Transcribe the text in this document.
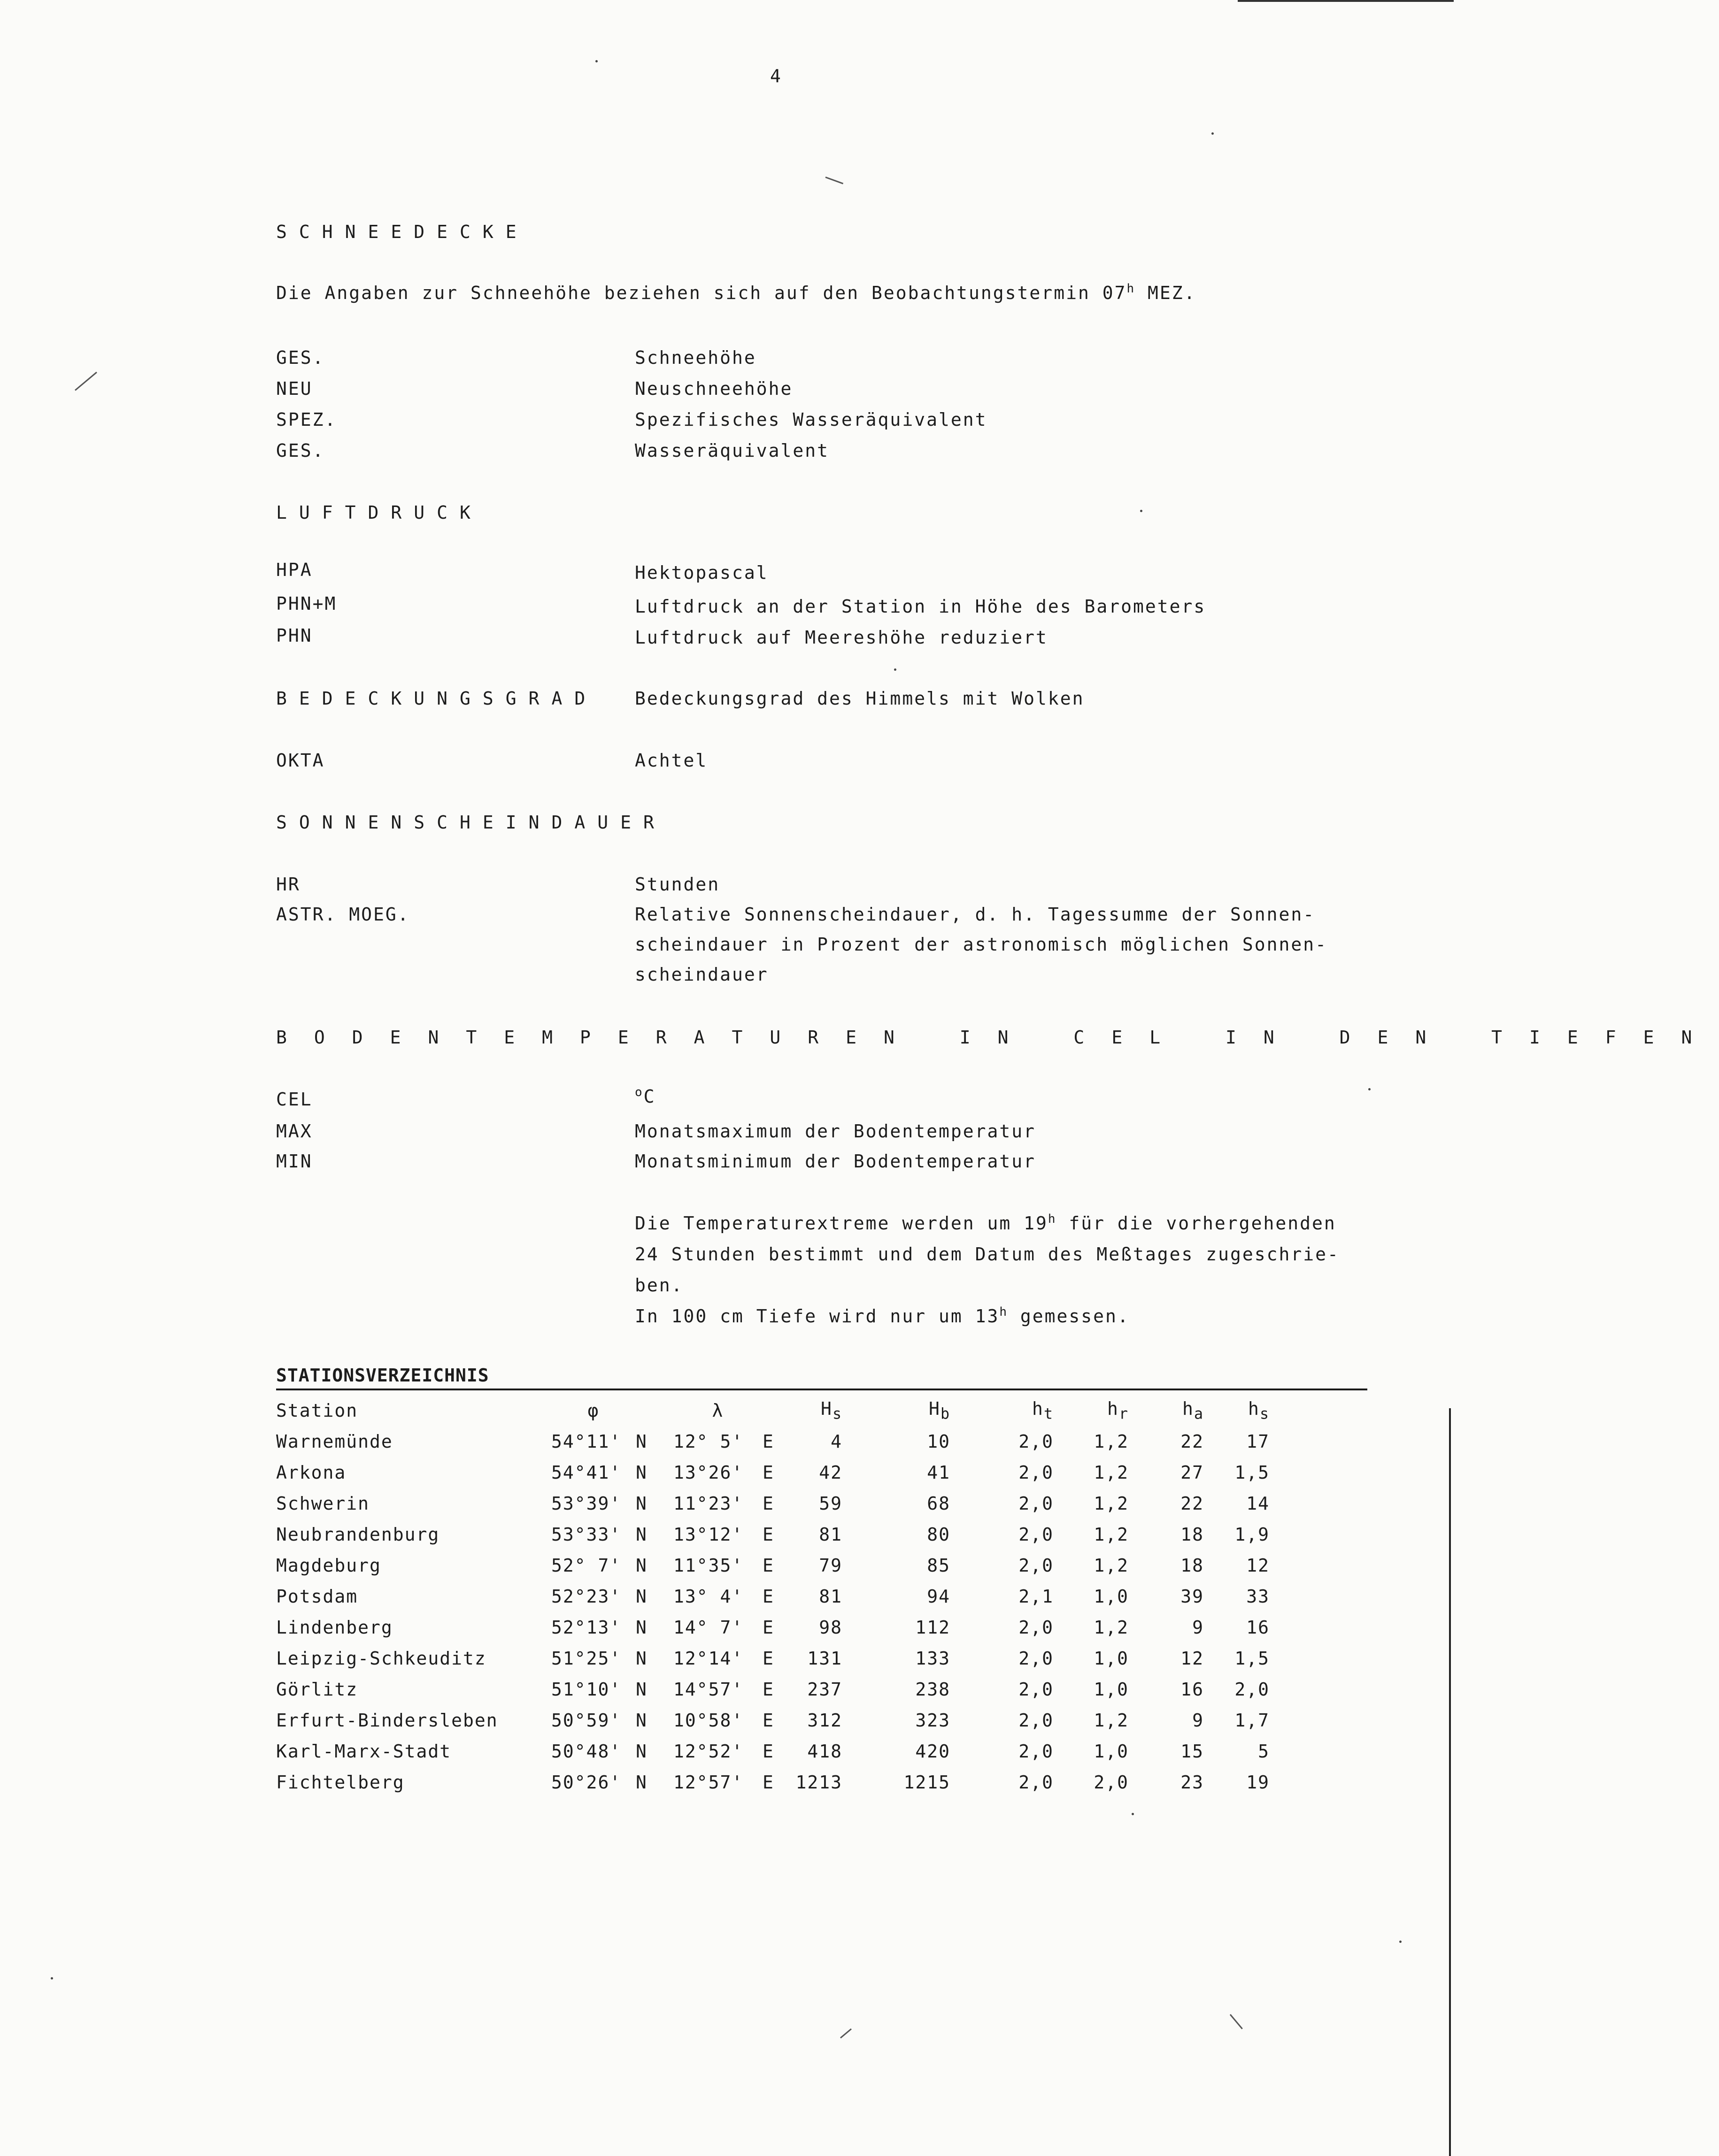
4
SCHNEEDECKE
Die Angaben zur Schneehöhe beziehen sich auf den Beobachtungstermin 07$^h$ MEZ.
GES.	Schneehöhe
NEU	Neuschneehöhe
SPEZ.	Spezifisches Wasseräquivalent
GES.	Wasseräquivalent
LUFTDRUCK
HPA	Hektopascal
PHN+M	Luftdruck an der Station in Höhe des Barometers
PHN	Luftdruck auf Meereshöhe reduziert
BEDECKUNGSGRAD Bedeckungsgrad des Himmels mit Wolken
OKTA	Achtel
SONNENSCHEINDAUER
HR	Stunden
ASTR. MOEG.	Relative Sonnenscheindauer, d. h. Tagessumme der Sonnen-
scheindauer in Prozent der astronomisch möglichen Sonnen-
scheindauer
BODENTEMPERATUREN IN CEL IN DEN TIEFEN
CEL	$^o$C
MAX	Monatsmaximum der Bodentemperatur
MIN	Monatsminimum der Bodentemperatur
Die Temperaturextreme werden um 19$^h$ für die vorhergehenden
24 Stunden bestimmt und dem Datum des Meßtages zugeschrie-
ben.
In 100 cm Tiefe wird nur um 13$^h$ gemessen.
STATIONSVERZEICHNIS
Station	φ		λ		$H_s$	$H_b$	$h_t$	$h_r$	$h_a$	$h_s$
Warnemünde	54°11'	N	12° 5'	E	4	10	2,0	1,2	22	17
Arkona	54°41'	N	13°26'	E	42	41	2,0	1,2	27	1,5
Schwerin	53°39'	N	11°23'	E	59	68	2,0	1,2	22	14
Neubrandenburg	53°33'	N	13°12'	E	81	80	2,0	1,2	18	1,9
Magdeburg	52° 7'	N	11°35'	E	79	85	2,0	1,2	18	12
Potsdam	52°23'	N	13° 4'	E	81	94	2,1	1,0	39	33
Lindenberg	52°13'	N	14° 7'	E	98	112	2,0	1,2	9	16
Leipzig-Schkeuditz	51°25'	N	12°14'	E	131	133	2,0	1,0	12	1,5
Görlitz	51°10'	N	14°57'	E	237	238	2,0	1,0	16	2,0
Erfurt-Bindersleben	50°59'	N	10°58'	E	312	323	2,0	1,2	9	1,7
Karl-Marx-Stadt	50°48'	N	12°52'	E	418	420	2,0	1,0	15	5
Fichtelberg	50°26'	N	12°57'	E	1213	1215	2,0	2,0	23	19
